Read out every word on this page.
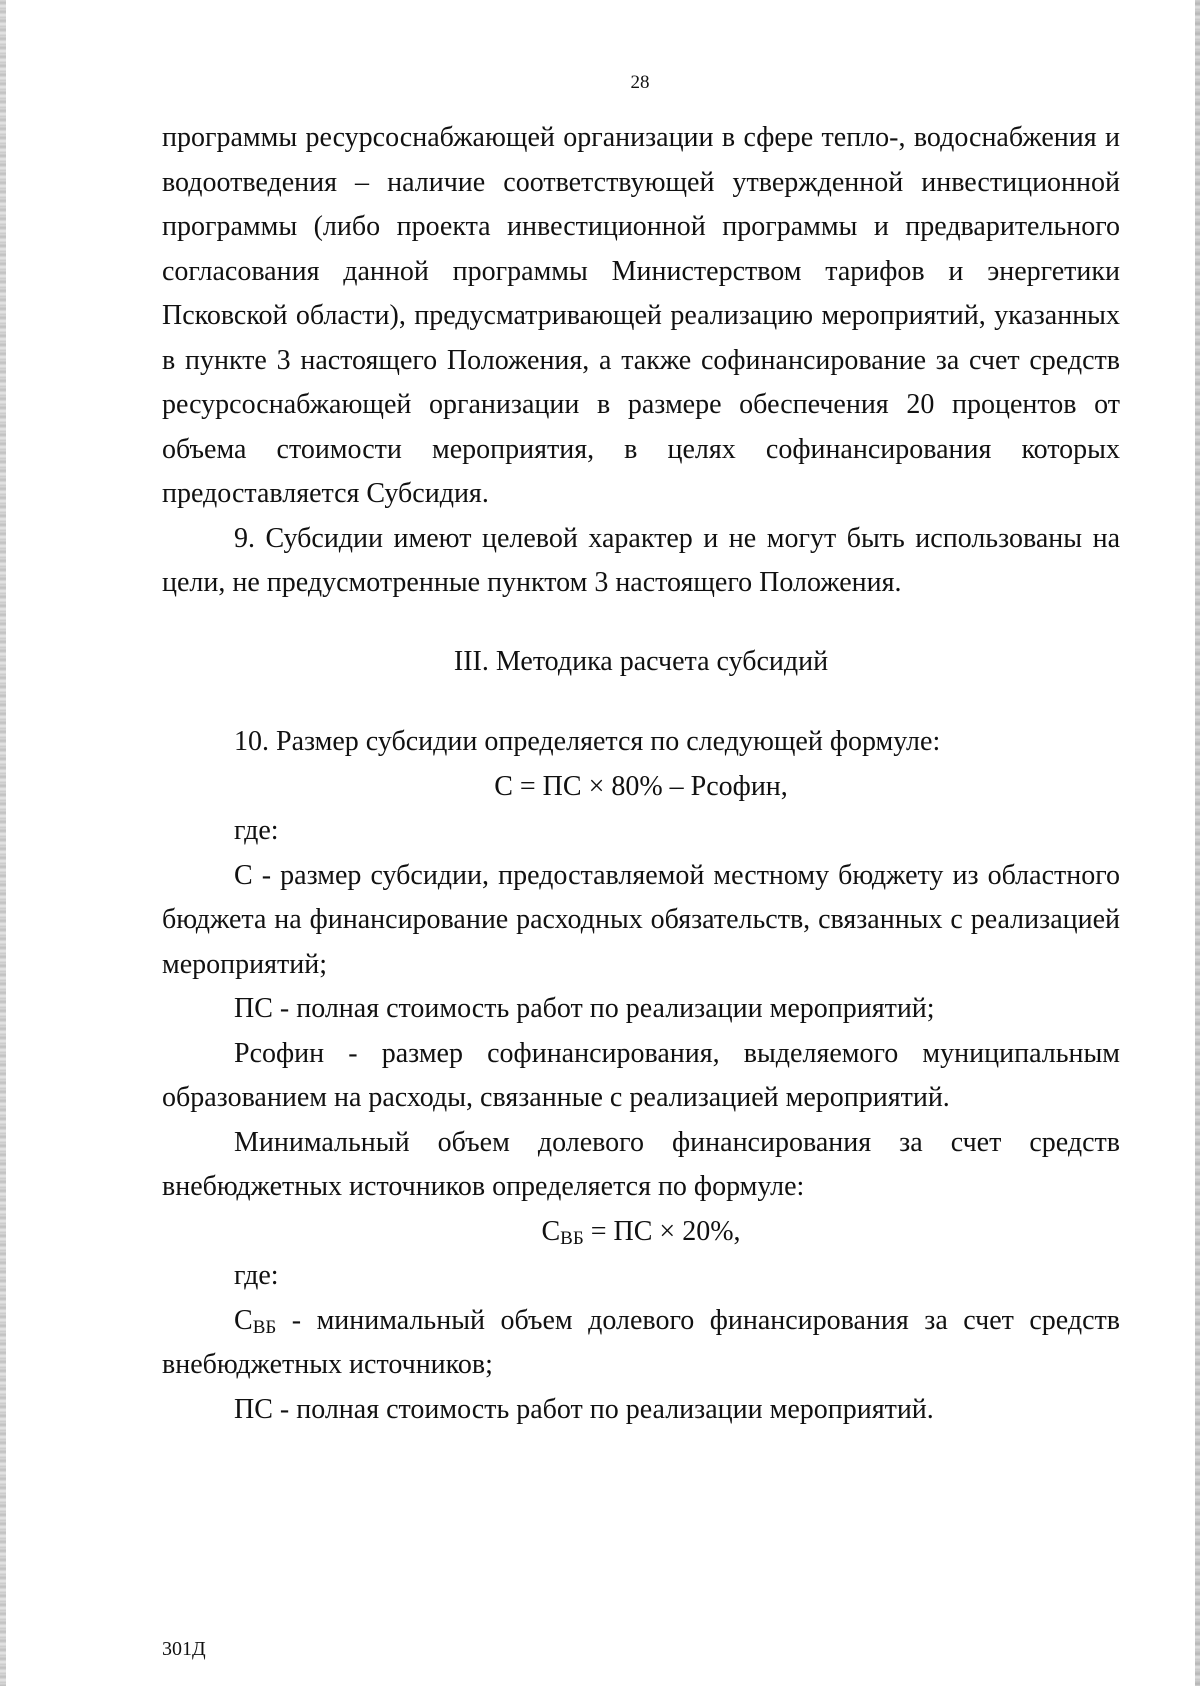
28

программы ресурсоснабжающей организации в сфере тепло-, водоснабжения и водоотведения – наличие соответствующей утвержденной инвестиционной программы (либо проекта инвестиционной программы и предварительного согласования данной программы Министерством тарифов и энергетики Псковской области), предусматривающей реализацию мероприятий, указанных в пункте 3 настоящего Положения, а также софинансирование за счет средств ресурсоснабжающей организации в размере обеспечения 20 процентов от объема стоимости мероприятия, в целях софинансирования которых предоставляется Субсидия.

9. Субсидии имеют целевой характер и не могут быть использованы на цели, не предусмотренные пунктом 3 настоящего Положения.

III. Методика расчета субсидий

10. Размер субсидии определяется по следующей формуле:

С = ПС × 80% – Рсофин,

где:

С - размер субсидии, предоставляемой местному бюджету из областного бюджета на финансирование расходных обязательств, связанных с реализацией мероприятий;

ПС - полная стоимость работ по реализации мероприятий;

Рсофин - размер софинансирования, выделяемого муниципальным образованием на расходы, связанные с реализацией мероприятий.

Минимальный объем долевого финансирования за счет средств внебюджетных источников определяется по формуле:

$С_{ВБ}$ = ПС × 20%,

где:

$С_{ВБ}$ - минимальный объем долевого финансирования за счет средств внебюджетных источников;

ПС - полная стоимость работ по реализации мероприятий.

301Д
